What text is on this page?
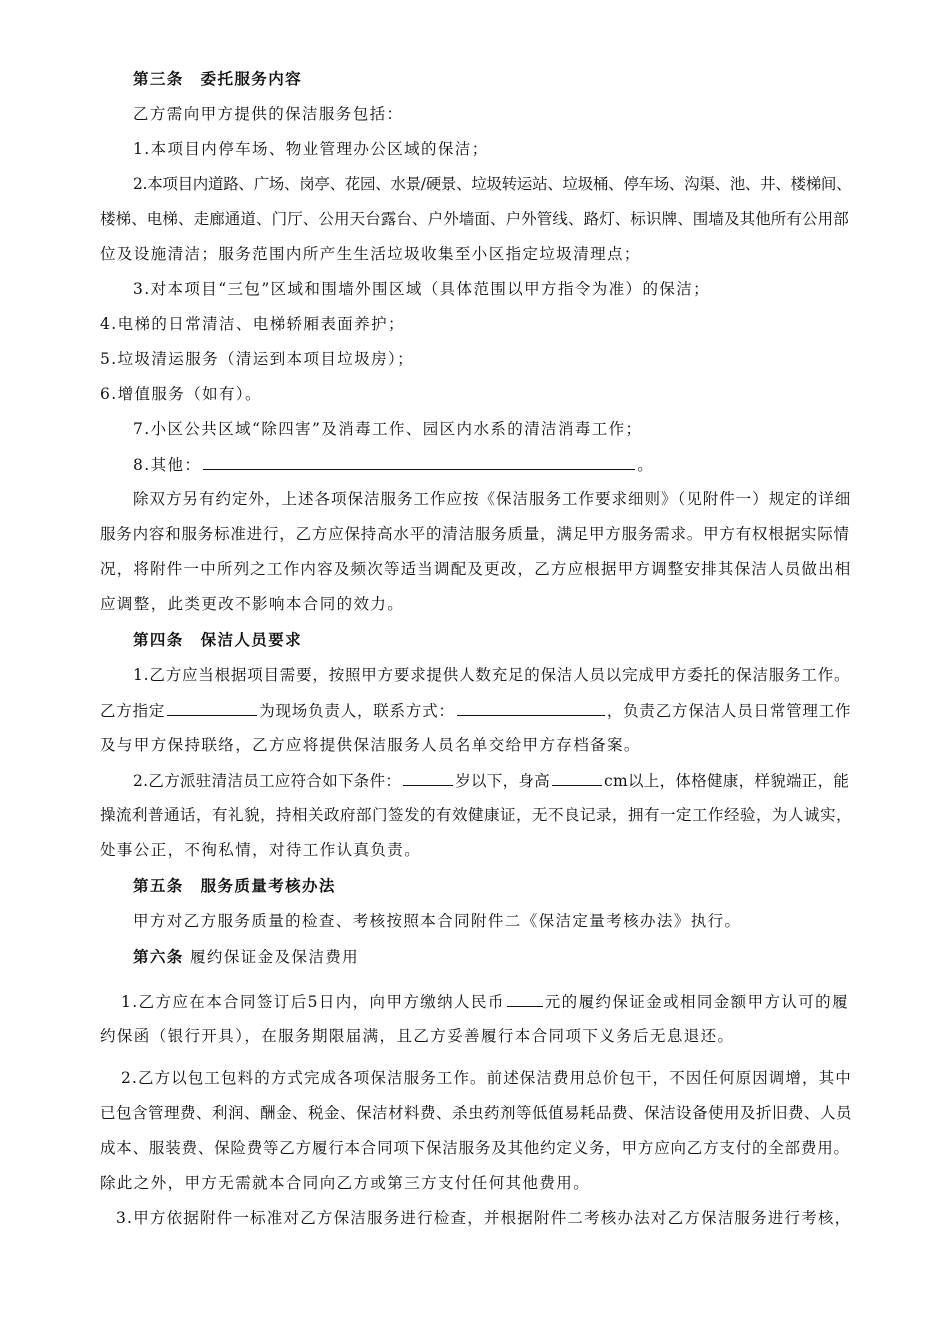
第三条　委托服务内容
乙方需向甲方提供的保洁服务包括：
1.本项目内停车场、物业管理办公区域的保洁；
2.本项目内道路、广场、岗亭、花园、水景/硬景、垃圾转运站、垃圾桶、停车场、沟渠、池、井、楼梯间、
楼梯、电梯、走廊通道、门厅、公用天台露台、户外墙面、户外管线、路灯、标识牌、围墙及其他所有公用部
位及设施清洁；服务范围内所产生生活垃圾收集至小区指定垃圾清理点；
3.对本项目“三包”区域和围墙外围区域（具体范围以甲方指令为准）的保洁；
4.电梯的日常清洁、电梯轿厢表面养护；
5.垃圾清运服务（清运到本项目垃圾房）；
6.增值服务（如有）。
7.小区公共区域“除四害”及消毒工作、园区内水系的清洁消毒工作；
8.其他：	。
除双方另有约定外，上述各项保洁服务工作应按《保洁服务工作要求细则》（见附件一）规定的详细
服务内容和服务标准进行，乙方应保持高水平的清洁服务质量，满足甲方服务需求。甲方有权根据实际情
况，将附件一中所列之工作内容及频次等适当调配及更改，乙方应根据甲方调整安排其保洁人员做出相
应调整，此类更改不影响本合同的效力。
第四条　保洁人员要求
1.乙方应当根据项目需要，按照甲方要求提供人数充足的保洁人员以完成甲方委托的保洁服务工作。
乙方指定	为现场负责人，联系方式：	，负责乙方保洁人员日常管理工作
及与甲方保持联络，乙方应将提供保洁服务人员名单交给甲方存档备案。
2.乙方派驻清洁员工应符合如下条件：	岁以下，身高	cm以上，体格健康，样貌端正，能
操流利普通话，有礼貌，持相关政府部门签发的有效健康证，无不良记录，拥有一定工作经验，为人诚实，
处事公正，不徇私情，对待工作认真负责。
第五条　服务质量考核办法
甲方对乙方服务质量的检查、考核按照本合同附件二《保洁定量考核办法》执行。
第六条 履约保证金及保洁费用
1.乙方应在本合同签订后5日内，向甲方缴纳人民币	元的履约保证金或相同金额甲方认可的履
约保函（银行开具），在服务期限届满，且乙方妥善履行本合同项下义务后无息退还。
2.乙方以包工包料的方式完成各项保洁服务工作。前述保洁费用总价包干，不因任何原因调增，其中
已包含管理费、利润、酬金、税金、保洁材料费、杀虫药剂等低值易耗品费、保洁设备使用及折旧费、人员
成本、服装费、保险费等乙方履行本合同项下保洁服务及其他约定义务，甲方应向乙方支付的全部费用。
除此之外，甲方无需就本合同向乙方或第三方支付任何其他费用。
3.甲方依据附件一标准对乙方保洁服务进行检查，并根据附件二考核办法对乙方保洁服务进行考核，
